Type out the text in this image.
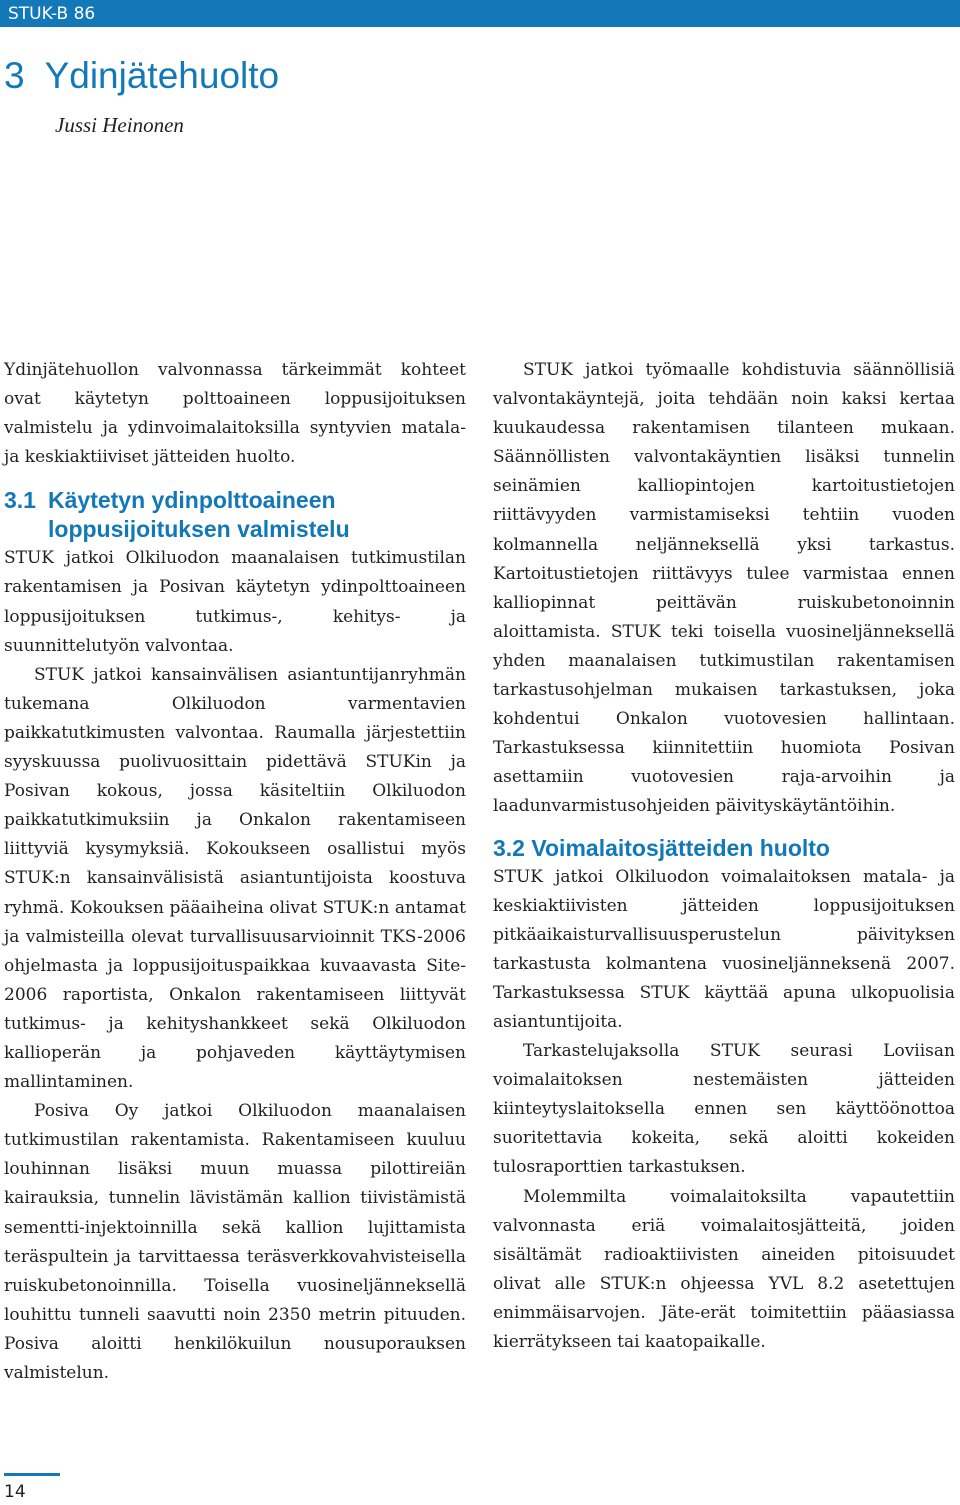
STUK-B 86
3 Ydinjätehuolto
Jussi Heinonen

Ydinjätehuollon valvonnassa tärkeimmät kohteet ovat käytetyn polttoaineen loppusijoituksen valmistelu ja ydinvoimalaitoksilla syntyvien matala- ja keskiaktiiviset jätteiden huolto.

3.1 Käytetyn ydinpolttoaineen loppusijoituksen valmistelu

STUK jatkoi Olkiluodon maanalaisen tutkimustilan rakentamisen ja Posivan käytetyn ydinpolttoaineen loppusijoituksen tutkimus-, kehitys- ja suunnittelutyön valvontaa.

STUK jatkoi kansainvälisen asiantuntijanryhmän tukemana Olkiluodon varmentavien paikkatutkimusten valvontaa. Raumalla järjestettiin syyskuussa puolivuosittain pidettävä STUKin ja Posivan kokous, jossa käsiteltiin Olkiluodon paikkatutkimuksiin ja Onkalon rakentamiseen liittyviä kysymyksiä. Kokoukseen osallistui myös STUK:n kansainvälisistä asiantuntijoista koostuva ryhmä. Kokouksen pääaiheina olivat STUK:n antamat ja valmisteilla olevat turvallisuusarvioinnit TKS-2006 ohjelmasta ja loppusijoituspaikkaa kuvaavasta Site-2006 raportista, Onkalon rakentamiseen liittyvät tutkimus- ja kehityshankkeet sekä Olkiluodon kallioperän ja pohjaveden käyttäytymisen mallintaminen.

Posiva Oy jatkoi Olkiluodon maanalaisen tutkimustilan rakentamista. Rakentamiseen kuuluu louhinnan lisäksi muun muassa pilottireiän kairauksia, tunnelin lävistämän kallion tiivistämistä sementti-injektoinnilla sekä kallion lujittamista teräspultein ja tarvittaessa teräsverkkovahvisteisella ruiskubetonoinnilla. Toisella vuosineljänneksellä louhittu tunneli saavutti noin 2350 metrin pituuden. Posiva aloitti henkilökuilun nousuporauksen valmistelun.

STUK jatkoi työmaalle kohdistuvia säännöllisiä valvontakäyntejä, joita tehdään noin kaksi kertaa kuukaudessa rakentamisen tilanteen mukaan. Säännöllisten valvontakäyntien lisäksi tunnelin seinämien kalliopintojen kartoitustietojen riittävyyden varmistamiseksi tehtiin vuoden kolmannella neljänneksellä yksi tarkastus. Kartoitustietojen riittävyys tulee varmistaa ennen kalliopinnat peittävän ruiskubetonoinnin aloittamista. STUK teki toisella vuosineljänneksellä yhden maanalaisen tutkimustilan rakentamisen tarkastusohjelman mukaisen tarkastuksen, joka kohdentui Onkalon vuotovesien hallintaan. Tarkastuksessa kiinnitettiin huomiota Posivan asettamiin vuotovesien raja-arvoihin ja laadunvarmistusohjeiden päivityskäytäntöihin.

3.2 Voimalaitosjätteiden huolto

STUK jatkoi Olkiluodon voimalaitoksen matala- ja keskiaktiivisten jätteiden loppusijoituksen pitkäaikaisturvallisuusperustelun päivityksen tarkastusta kolmantena vuosineljänneksenä 2007. Tarkastuksessa STUK käyttää apuna ulkopuolisia asiantuntijoita.

Tarkastelujaksolla STUK seurasi Loviisan voimalaitoksen nestemäisten jätteiden kiinteytyslaitoksella ennen sen käyttöönottoa suoritettavia kokeita, sekä aloitti kokeiden tulosraporttien tarkastuksen.

Molemmilta voimalaitoksilta vapautettiin valvonnasta eriä voimalaitosjätteitä, joiden sisältämät radioaktiivisten aineiden pitoisuudet olivat alle STUK:n ohjeessa YVL 8.2 asetettujen enimmäisarvojen. Jäte-erät toimitettiin pääasiassa kierrätykseen tai kaatopaikalle.

14
